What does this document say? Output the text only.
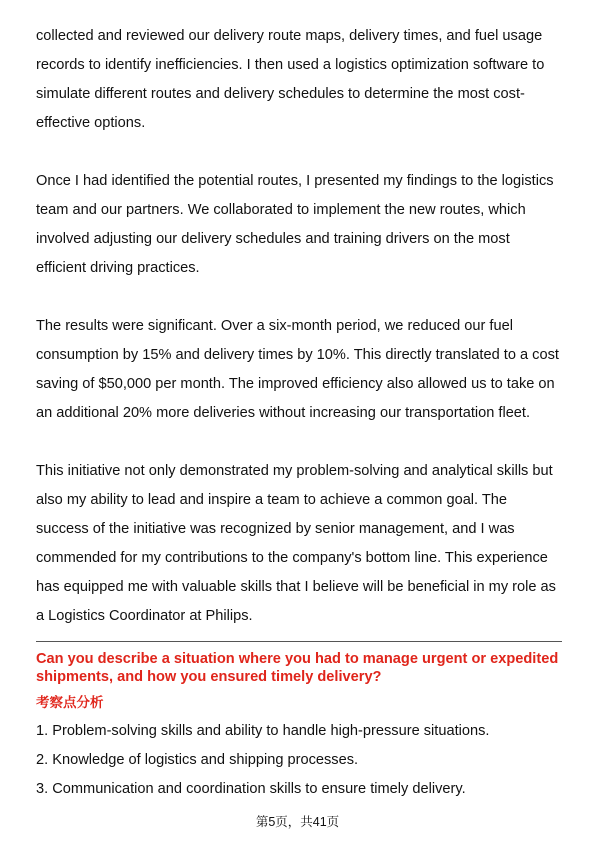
collected and reviewed our delivery route maps, delivery times, and fuel usage records to identify inefficiencies. I then used a logistics optimization software to simulate different routes and delivery schedules to determine the most cost-effective options.

Once I had identified the potential routes, I presented my findings to the logistics team and our partners. We collaborated to implement the new routes, which involved adjusting our delivery schedules and training drivers on the most efficient driving practices.

The results were significant. Over a six-month period, we reduced our fuel consumption by 15% and delivery times by 10%. This directly translated to a cost saving of $50,000 per month. The improved efficiency also allowed us to take on an additional 20% more deliveries without increasing our transportation fleet.

This initiative not only demonstrated my problem-solving and analytical skills but also my ability to lead and inspire a team to achieve a common goal. The success of the initiative was recognized by senior management, and I was commended for my contributions to the company's bottom line. This experience has equipped me with valuable skills that I believe will be beneficial in my role as a Logistics Coordinator at Philips.

Can you describe a situation where you had to manage urgent or expedited shipments, and how you ensured timely delivery?
考察点分析
1. Problem-solving skills and ability to handle high-pressure situations.
2. Knowledge of logistics and shipping processes.
3. Communication and coordination skills to ensure timely delivery.
第5页，共41页
